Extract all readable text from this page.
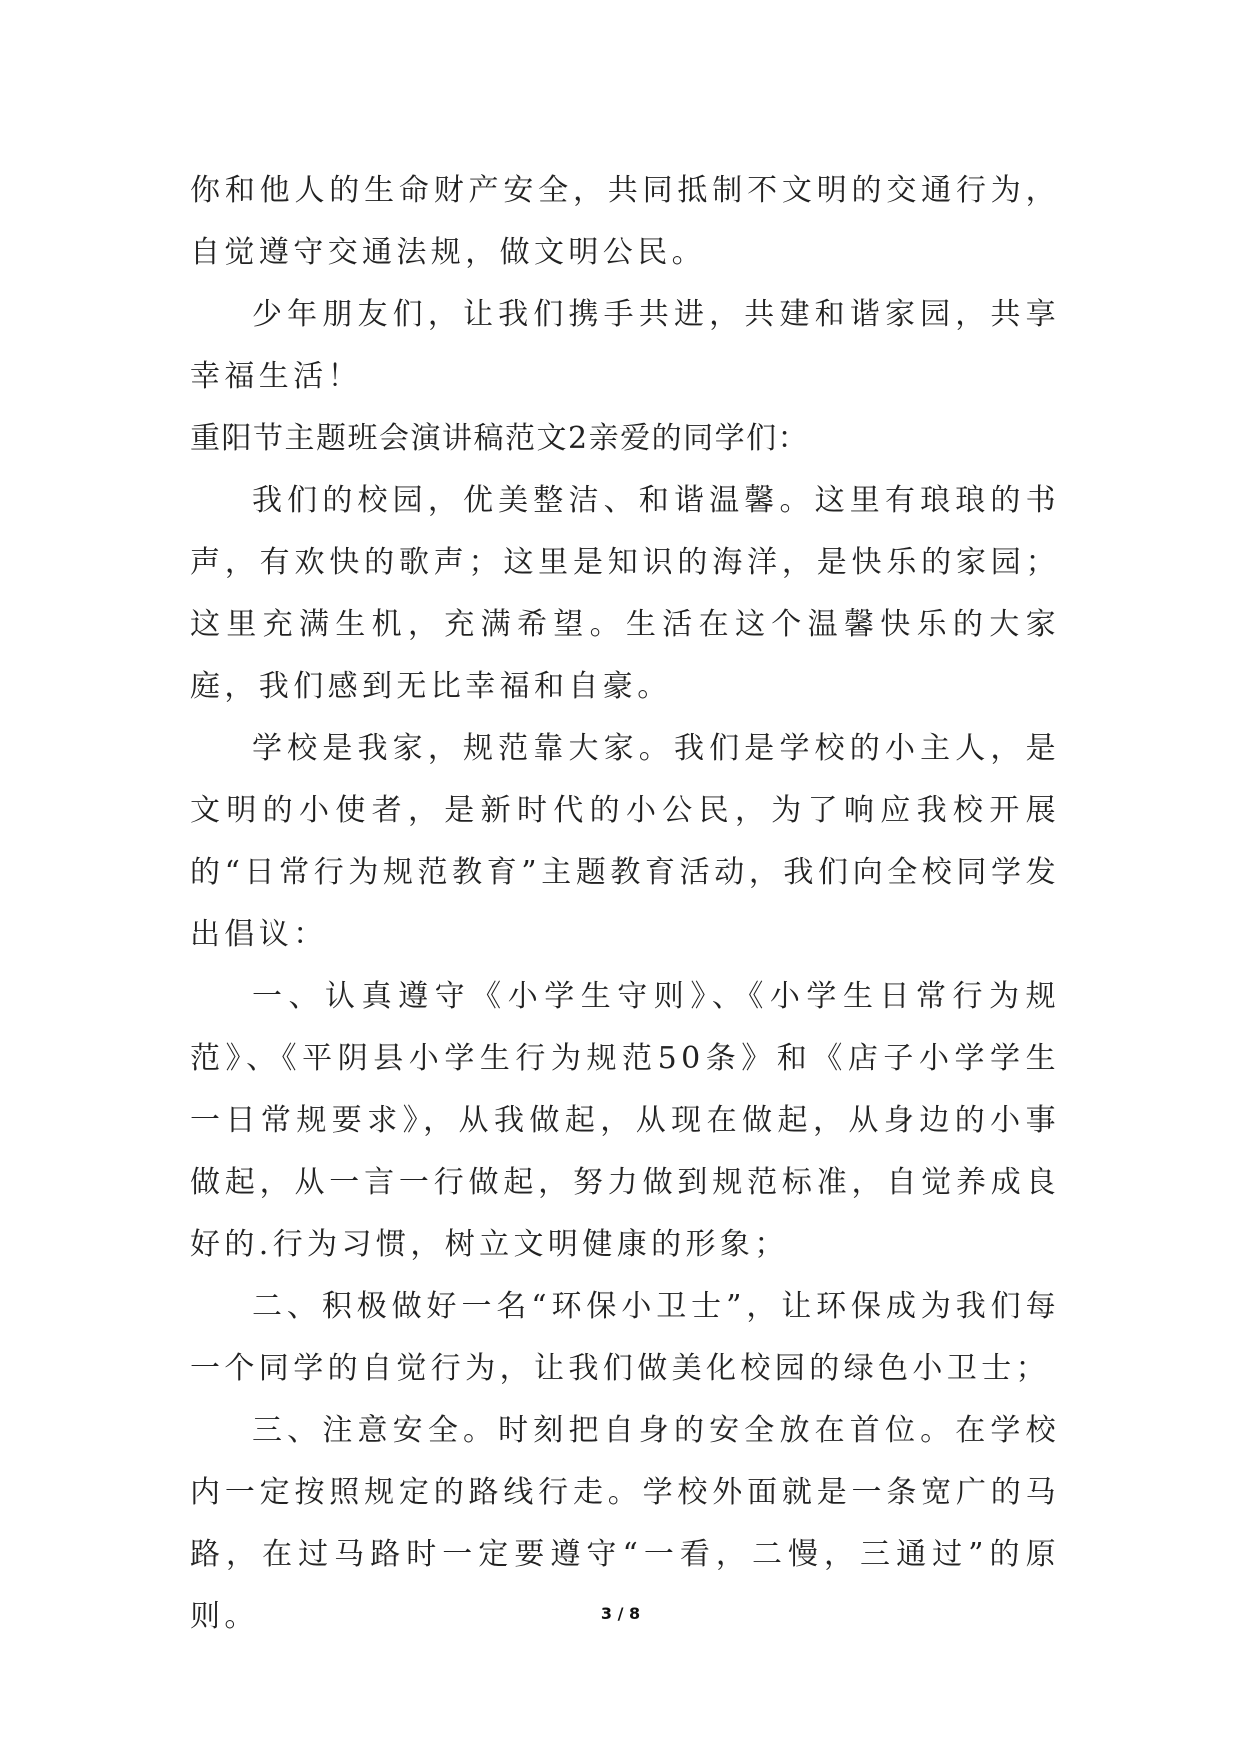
你和他人的生命财产安全，共同抵制不文明的交通行为，自觉遵守交通法规，做文明公民。

少年朋友们，让我们携手共进，共建和谐家园，共享幸福生活！

重阳节主题班会演讲稿范文2亲爱的同学们：

我们的校园，优美整洁、和谐温馨。这里有琅琅的书声，有欢快的歌声；这里是知识的海洋，是快乐的家园；这里充满生机，充满希望。生活在这个温馨快乐的大家庭，我们感到无比幸福和自豪。

学校是我家，规范靠大家。我们是学校的小主人，是文明的小使者，是新时代的小公民，为了响应我校开展的“日常行为规范教育”主题教育活动，我们向全校同学发出倡议：

一、认真遵守《小学生守则》、《小学生日常行为规范》、《平阴县小学生行为规范50条》和《店子小学学生一日常规要求》，从我做起，从现在做起，从身边的小事做起，从一言一行做起，努力做到规范标准，自觉养成良好的.行为习惯，树立文明健康的形象；

二、积极做好一名“环保小卫士”，让环保成为我们每一个同学的自觉行为，让我们做美化校园的绿色小卫士；

三、注意安全。时刻把自身的安全放在首位。在学校内一定按照规定的路线行走。学校外面就是一条宽广的马路，在过马路时一定要遵守“一看，二慢，三通过”的原则。	3 / 8
